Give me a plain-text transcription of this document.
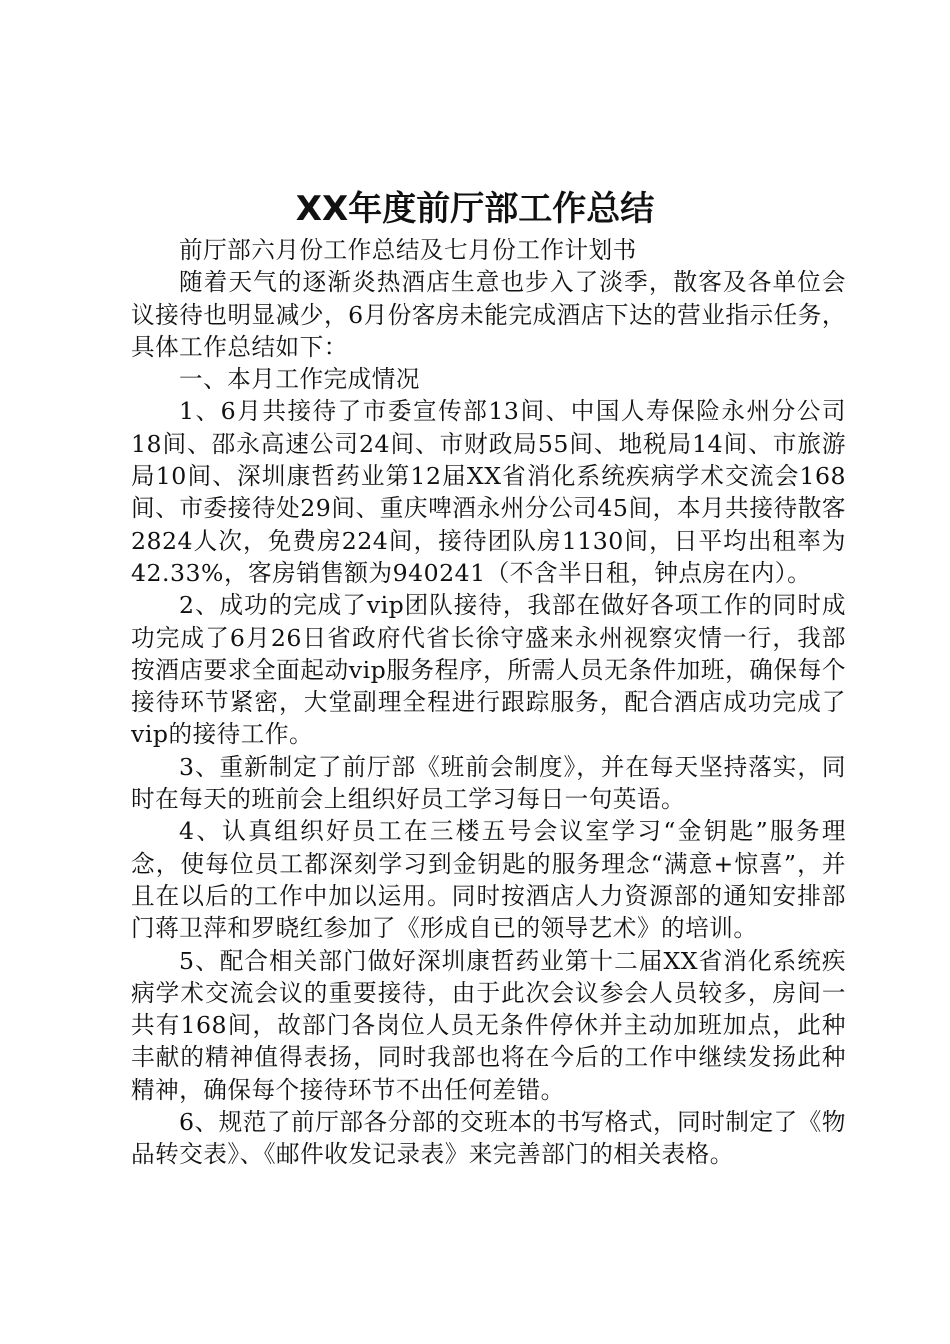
XX年度前厅部工作总结

前厅部六月份工作总结及七月份工作计划书

随着天气的逐渐炎热酒店生意也步入了淡季，散客及各单位会议接待也明显减少，6月份客房未能完成酒店下达的营业指示任务，具体工作总结如下：

一、本月工作完成情况

1、6月共接待了市委宣传部13间、中国人寿保险永州分公司18间、邵永高速公司24间、市财政局55间、地税局14间、市旅游局10间、深圳康哲药业第12届XX省消化系统疾病学术交流会168间、市委接待处29间、重庆啤酒永州分公司45间，本月共接待散客2824人次，免费房224间，接待团队房1130间，日平均出租率为42.33%，客房销售额为940241（不含半日租，钟点房在内）。

2、成功的完成了vip团队接待，我部在做好各项工作的同时成功完成了6月26日省政府代省长徐守盛来永州视察灾情一行，我部按酒店要求全面起动vip服务程序，所需人员无条件加班，确保每个接待环节紧密，大堂副理全程进行跟踪服务，配合酒店成功完成了vip的接待工作。

3、重新制定了前厅部《班前会制度》，并在每天坚持落实，同时在每天的班前会上组织好员工学习每日一句英语。

4、认真组织好员工在三楼五号会议室学习“金钥匙”服务理念，使每位员工都深刻学习到金钥匙的服务理念“满意+惊喜”，并且在以后的工作中加以运用。同时按酒店人力资源部的通知安排部门蒋卫萍和罗晓红参加了《形成自已的领导艺术》的培训。

5、配合相关部门做好深圳康哲药业第十二届XX省消化系统疾病学术交流会议的重要接待，由于此次会议参会人员较多，房间一共有168间，故部门各岗位人员无条件停休并主动加班加点，此种丰献的精神值得表扬，同时我部也将在今后的工作中继续发扬此种精神，确保每个接待环节不出任何差错。

6、规范了前厅部各分部的交班本的书写格式，同时制定了《物品转交表》、《邮件收发记录表》来完善部门的相关表格。
